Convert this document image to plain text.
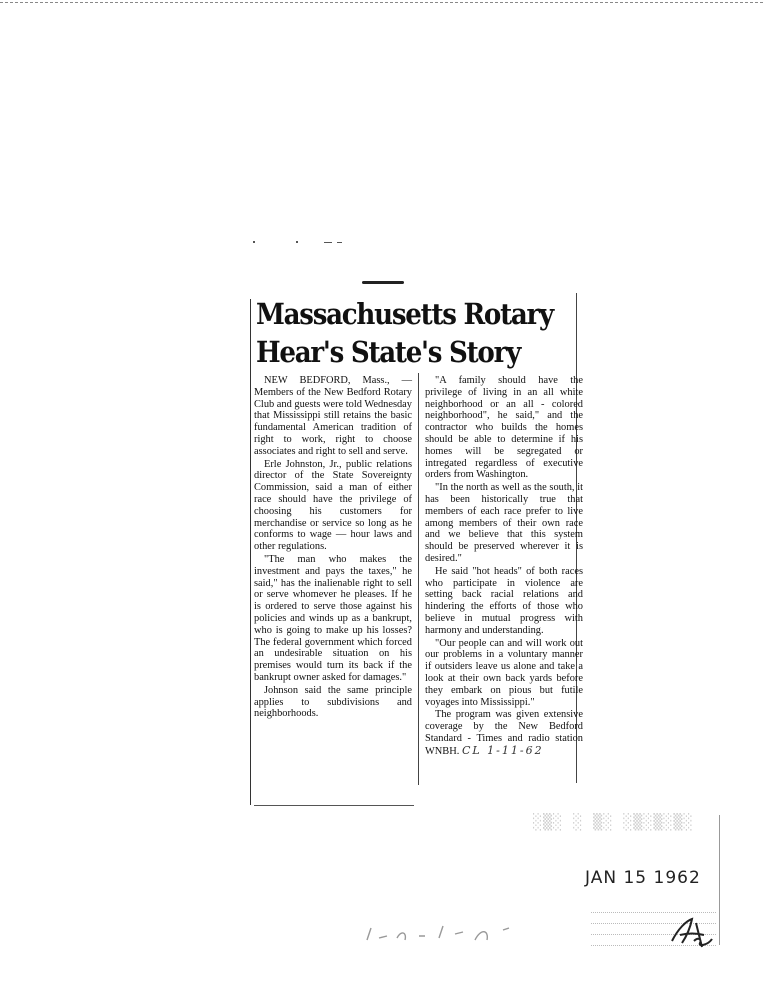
Massachusetts Rotary
Hear's State's Story

NEW BEDFORD, Mass., — Members of the New Bedford Rotary Club and guests were told Wednesday that Mississippi still retains the basic fundamental American tradition of right to work, right to choose associates and right to sell and serve.

Erle Johnston, Jr., public relations director of the State Sovereignty Commission, said a man of either race should have the privilege of choosing his customers for merchandise or service so long as he conforms to wage — hour laws and other regulations.

"The man who makes the investment and pays the taxes," he said," has the inalienable right to sell or serve whomever he pleases. If he is ordered to serve those against his policies and winds up as a bankrupt, who is going to make up his losses? The federal government which forced an undesirable situation on his premises would turn its back if the bankrupt owner asked for damages."

Johnson said the same principle applies to subdivisions and neighborhoods.

"A family should have the privilege of living in an all white neighborhood or an all - colored neighborhood", he said," and the contractor who builds the homes should be able to determine if his homes will be segregated or intregated regardless of executive orders from Washington.

"In the north as well as the south, it has been historically true that members of each race prefer to live among members of their own race and we believe that this system should be preserved wherever it is desired."

He said "hot heads" of both races who participate in violence are setting back racial relations and hindering the efforts of those who believe in mutual progress with harmony and understanding.

"Our people can and will work out our problems in a voluntary manner if outsiders leave us alone and take a look at their own back yards before they embark on pious but futile voyages into Mississippi."

The program was given extensive coverage by the New Bedford Standard - Times and radio station WNBH. CL 1-11-62

░▒░ ░ ▒░ ░▒░▒░▒░
JAN 15 1962
